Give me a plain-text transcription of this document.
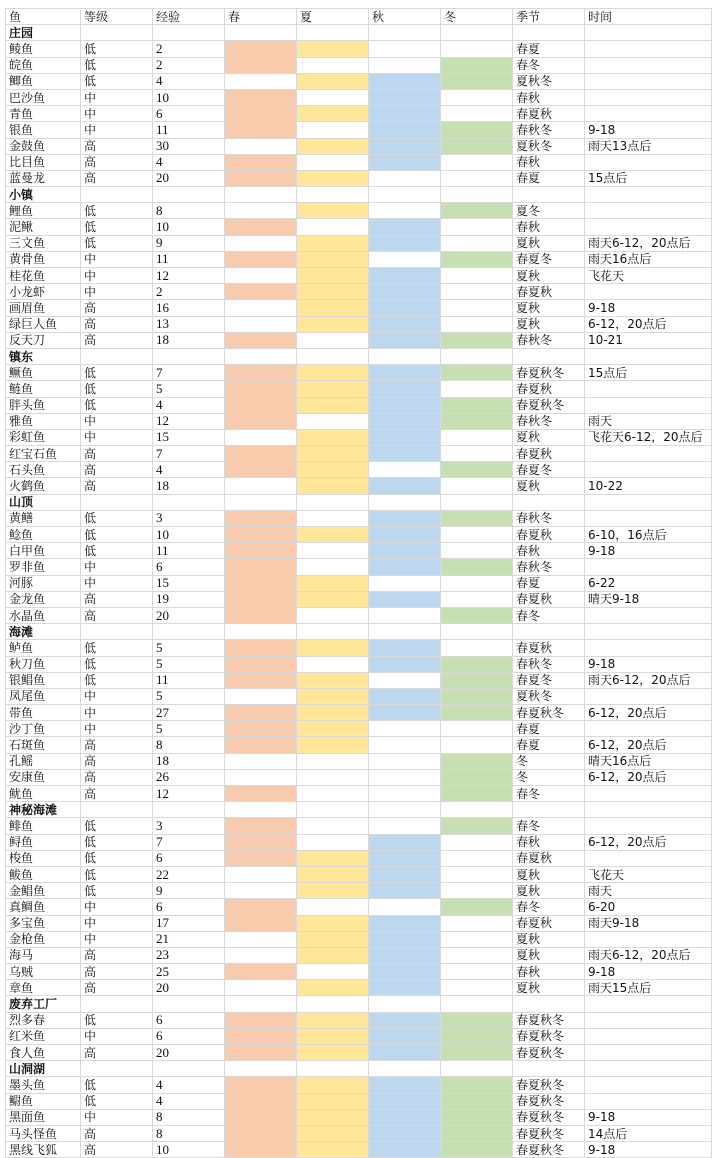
鱼	等级	经验	春	夏	秋	冬	季节	时间
庄园								
鲮鱼	低	2					春夏	
皖鱼	低	2					春冬	
鲫鱼	低	4					夏秋冬	
巴沙鱼	中	10					春秋	
青鱼	中	6					春夏秋	
银鱼	中	11					春秋冬	9-18
金鼓鱼	高	30					夏秋冬	雨天13点后
比目鱼	高	4					春秋	
蓝曼龙	高	20					春夏	15点后
小镇								
鲤鱼	低	8					夏冬	
泥鳅	低	10					春秋	
三文鱼	低	9					夏秋	雨天6-12，20点后
黄骨鱼	中	11					春夏冬	雨天16点后
桂花鱼	中	12					夏秋	飞花天
小龙虾	中	2					春夏秋	
画眉鱼	高	16					夏秋	9-18
绿巨人鱼	高	13					夏秋	6-12，20点后
反天刀	高	18					春秋冬	10-21
镇东								
鳜鱼	低	7					春夏秋冬	15点后
鲢鱼	低	5					春夏秋	
胖头鱼	低	4					春夏秋冬	
雅鱼	中	12					春秋冬	雨天
彩虹鱼	中	15					夏秋	飞花天6-12，20点后
红宝石鱼	高	7					春夏秋	
石头鱼	高	4					春夏冬	
火鹤鱼	高	18					夏秋	10-22
山顶								
黄鳝	低	3					春秋冬	
鲶鱼	低	10					春夏秋	6-10，16点后
白甲鱼	低	11					春秋	9-18
罗非鱼	中	6					春秋冬	
河豚	中	15					春夏	6-22
金龙鱼	高	19					春夏秋	晴天9-18
水晶鱼	高	20					春冬	
海滩								
鲈鱼	低	5					春夏秋	
秋刀鱼	低	5					春秋冬	9-18
银鲳鱼	低	11					春夏冬	雨天6-12，20点后
凤尾鱼	中	5					夏秋冬	
带鱼	中	27					春夏秋冬	6-12，20点后
沙丁鱼	中	5					春夏	
石斑鱼	高	8					春夏	6-12，20点后
孔鳐	高	18					冬	晴天16点后
安康鱼	高	26					冬	6-12，20点后
鱿鱼	高	12					春冬	
神秘海滩								
鲱鱼	低	3					春冬	
鲟鱼	低	7					春秋	6-12，20点后
梭鱼	低	6					春夏秋	
鲅鱼	低	22					夏秋	飞花天
金鲳鱼	低	9					夏秋	雨天
真鲷鱼	中	6					春冬	6-20
多宝鱼	中	17					春夏秋	雨天9-18
金枪鱼	中	21					夏秋	
海马	高	23					夏秋	雨天6-12，20点后
乌贼	高	25					春秋	9-18
章鱼	高	20					夏秋	雨天15点后
废弃工厂								
烈多春	低	6					春夏秋冬	
红米鱼	中	6					春夏秋冬	
食人鱼	高	20					春夏秋冬	
山洞湖								
墨头鱼	低	4					春夏秋冬	
鳚鱼	低	4					春夏秋冬	
黑面鱼	中	8					春夏秋冬	9-18
马头怪鱼	高	8					春夏秋冬	14点后
黑线飞狐	高	10					春夏秋冬	9-18
